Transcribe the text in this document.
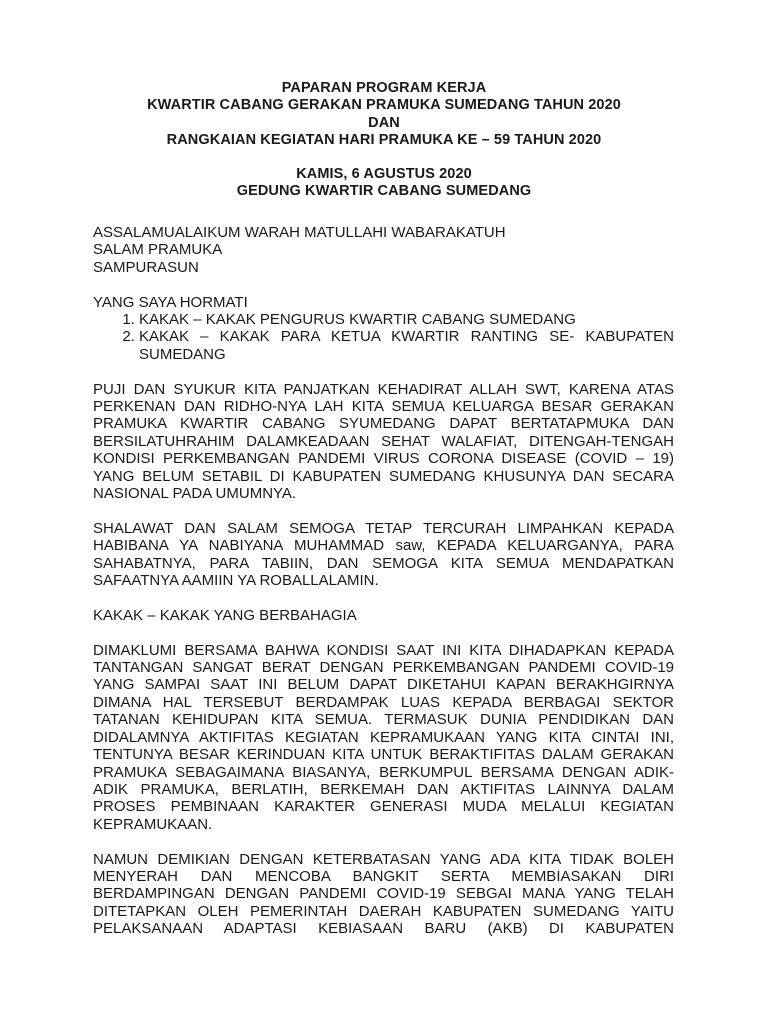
PAPARAN PROGRAM KERJA
KWARTIR CABANG GERAKAN PRAMUKA SUMEDANG TAHUN 2020
DAN
RANGKAIAN KEGIATAN HARI PRAMUKA KE – 59 TAHUN 2020
KAMIS, 6 AGUSTUS 2020
GEDUNG KWARTIR CABANG SUMEDANG

ASSALAMUALAIKUM WARAH MATULLAHI WABARAKATUH

SALAM PRAMUKA

SAMPURASUN

YANG SAYA HORMATI

1. KAKAK – KAKAK PENGURUS KWARTIR CABANG SUMEDANG
2. KAKAK – KAKAK PARA KETUA KWARTIR RANTING SE- KABUPATEN SUMEDANG

PUJI DAN SYUKUR KITA PANJATKAN KEHADIRAT ALLAH SWT, KARENA ATAS PERKENAN DAN RIDHO-NYA LAH KITA SEMUA KELUARGA BESAR GERAKAN PRAMUKA KWARTIR CABANG SYUMEDANG DAPAT BERTATAPMUKA DAN BERSILATUHRAHIM DALAMKEADAAN SEHAT WALAFIAT, DITENGAH-TENGAH KONDISI PERKEMBANGAN PANDEMI VIRUS CORONA DISEASE (COVID – 19) YANG BELUM SETABIL DI KABUPATEN SUMEDANG KHUSUNYA DAN SECARA NASIONAL PADA UMUMNYA.

SHALAWAT DAN SALAM SEMOGA TETAP TERCURAH LIMPAHKAN KEPADA HABIBANA YA NABIYANA MUHAMMAD saw, KEPADA KELUARGANYA, PARA SAHABATNYA, PARA TABIIN, DAN SEMOGA KITA SEMUA MENDAPATKAN SAFAATNYA AAMIIN YA ROBALLALAMIN.

KAKAK – KAKAK YANG BERBAHAGIA

DIMAKLUMI BERSAMA BAHWA KONDISI SAAT INI KITA DIHADAPKAN KEPADA TANTANGAN SANGAT BERAT DENGAN PERKEMBANGAN PANDEMI COVID-19 YANG SAMPAI SAAT INI BELUM DAPAT DIKETAHUI KAPAN BERAKHGIRNYA DIMANA HAL TERSEBUT BERDAMPAK LUAS KEPADA BERBAGAI SEKTOR TATANAN KEHIDUPAN KITA SEMUA. TERMASUK DUNIA PENDIDIKAN DAN DIDALAMNYA AKTIFITAS KEGIATAN KEPRAMUKAAN YANG KITA CINTAI INI, TENTUNYA BESAR KERINDUAN KITA UNTUK BERAKTIFITAS DALAM GERAKAN PRAMUKA SEBAGAIMANA BIASANYA, BERKUMPUL BERSAMA DENGAN ADIK-ADIK PRAMUKA, BERLATIH, BERKEMAH DAN AKTIFITAS LAINNYA DALAM PROSES PEMBINAAN KARAKTER GENERASI MUDA MELALUI KEGIATAN KEPRAMUKAAN.

NAMUN DEMIKIAN DENGAN KETERBATASAN YANG ADA KITA TIDAK BOLEH MENYERAH DAN MENCOBA BANGKIT SERTA MEMBIASAKAN DIRI BERDAMPINGAN DENGAN PANDEMI COVID-19 SEBGAI MANA YANG TELAH DITETAPKAN OLEH PEMERINTAH DAERAH KABUPATEN SUMEDANG YAITU PELAKSANAAN ADAPTASI KEBIASAAN BARU (AKB) DI KABUPATEN
